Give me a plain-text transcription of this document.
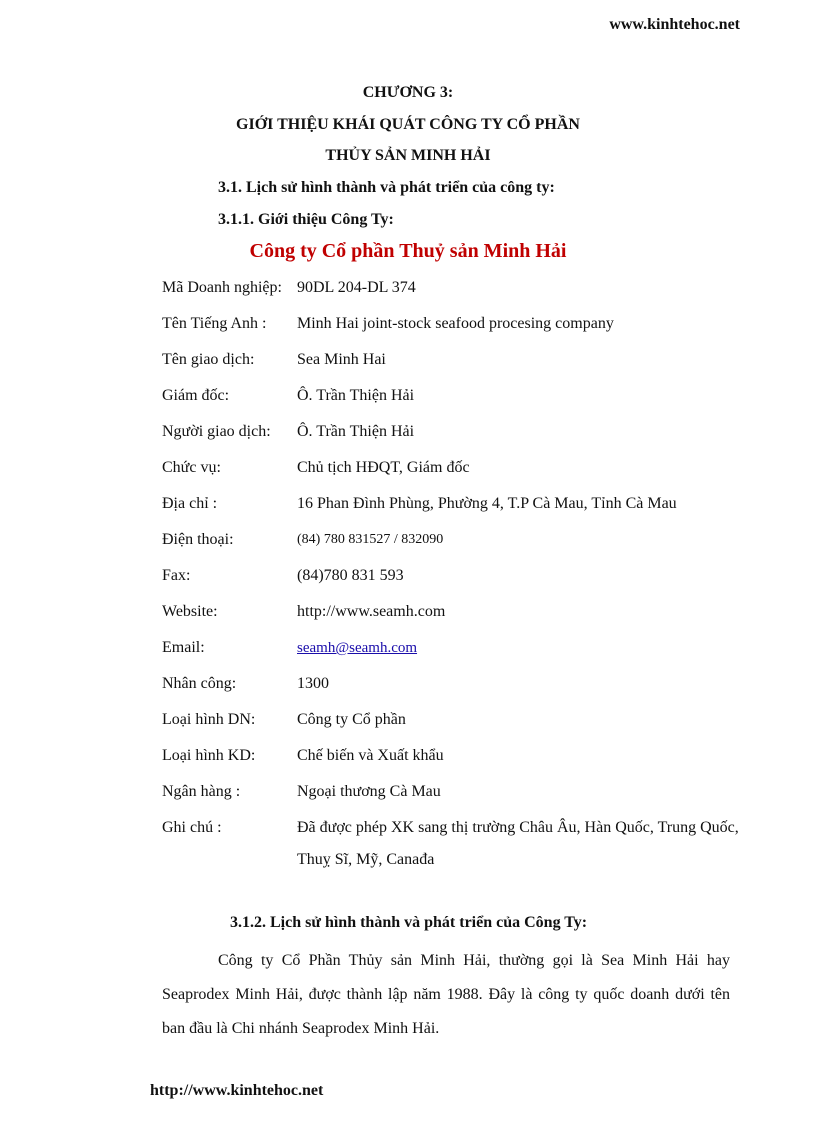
www.kinhtehoc.net
CHƯƠNG 3:
GIỚI THIỆU KHÁI QUÁT CÔNG TY CỔ PHẦN
THỦY SẢN MINH HẢI
3.1. Lịch sử hình thành và phát triển của công ty:
3.1.1. Giới thiệu Công Ty:
Công ty Cổ phần Thuỷ sản Minh Hải
Mã Doanh nghiệp: 90DL 204-DL 374
Tên Tiếng Anh : Minh Hai joint-stock seafood procesing company
Tên giao dịch:	Sea Minh Hai
Giám đốc:	Ô. Trần Thiện Hải
Người giao dịch: Ô. Trần Thiện Hải
Chức vụ:	Chủ tịch HĐQT, Giám đốc
Địa chỉ :	16 Phan Đình Phùng, Phường 4, T.P Cà Mau, Tỉnh Cà Mau
Điện thoại:	(84) 780 831527 / 832090
Fax:	(84)780 831 593
Website:	http://www.seamh.com
Email:	seamh@seamh.com
Nhân công:	1300
Loại hình DN:	Công ty Cổ phần
Loại hình KD:	Chế biến và Xuất khẩu
Ngân hàng :	Ngoại thương Cà Mau
Ghi chú :	Đã được phép XK sang thị trường Châu Âu, Hàn Quốc, Trung Quốc, Thuỵ Sĩ, Mỹ, Canađa
3.1.2. Lịch sử hình thành và phát triển của Công Ty:
Công ty Cổ Phần Thủy sản Minh Hải, thường gọi là Sea Minh Hải hay Seaprodex Minh Hải, được thành lập năm 1988. Đây là công ty quốc doanh dưới tên ban đầu là Chi nhánh Seaprodex Minh Hải.
http://www.kinhtehoc.net
